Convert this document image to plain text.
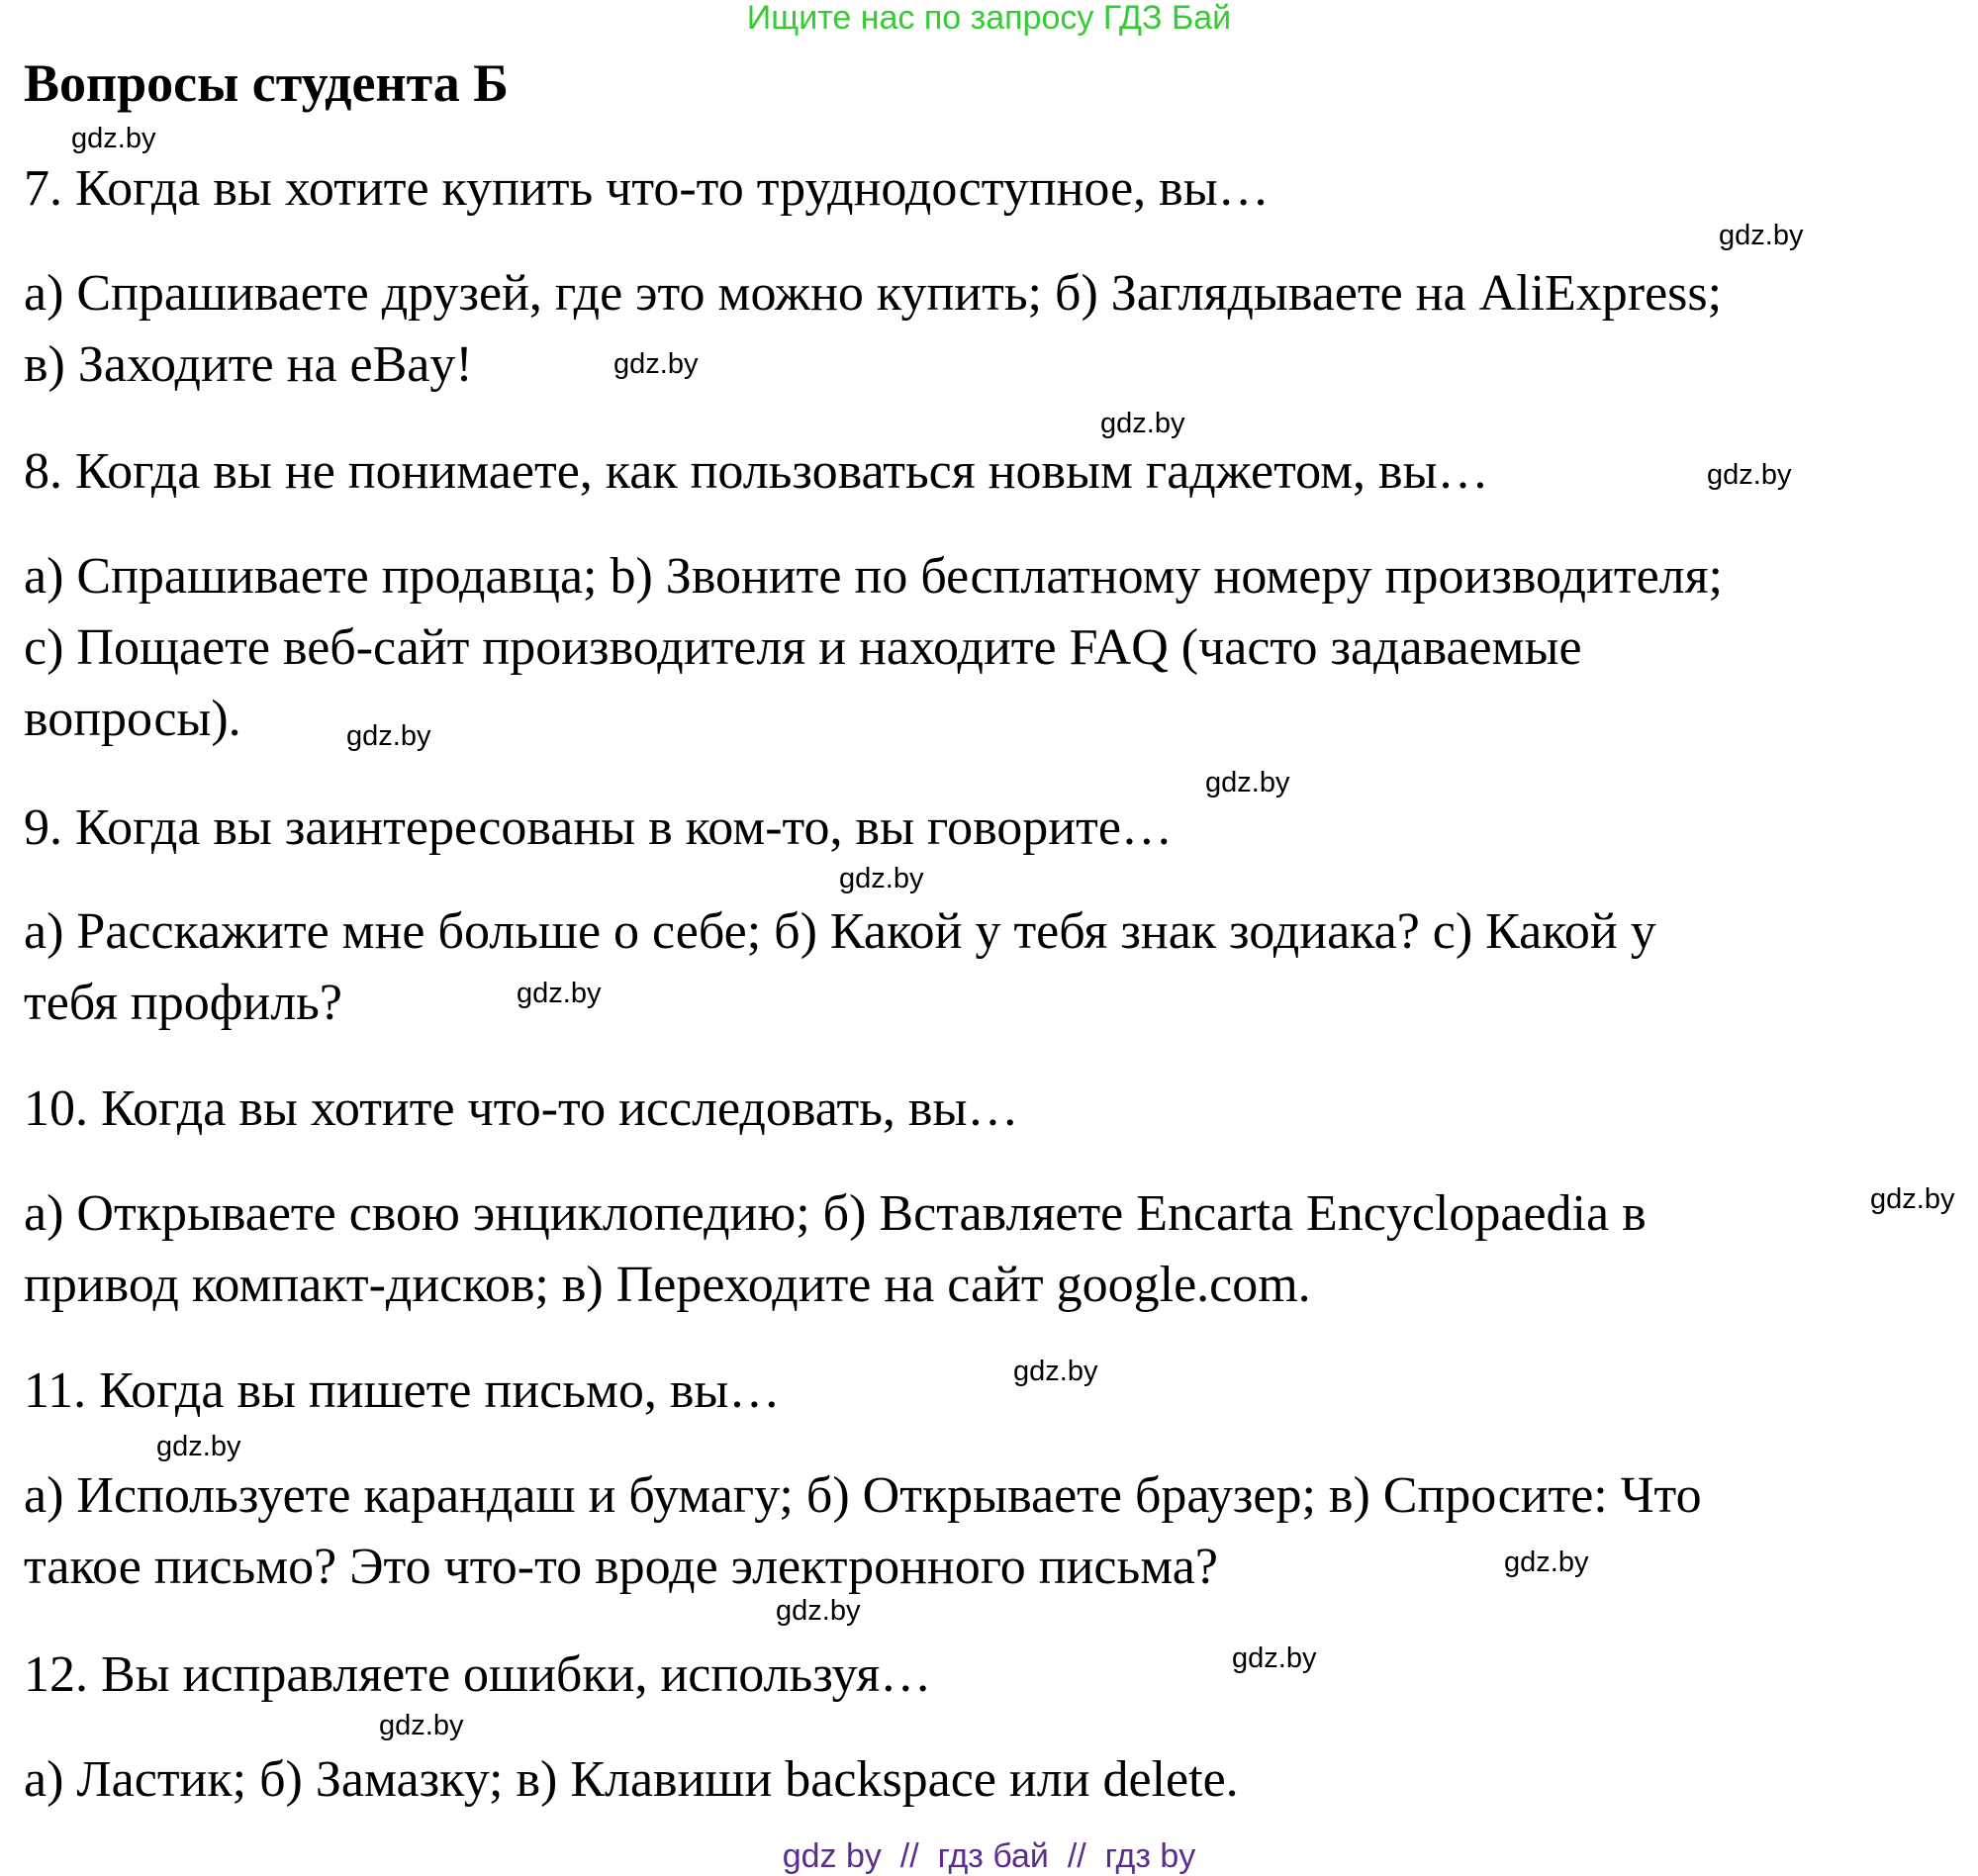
Ищите нас по запросу ГДЗ Бай
Вопросы студента Б
7. Когда вы хотите купить что-то труднодоступное, вы…
а) Спрашиваете друзей, где это можно купить; б) Заглядываете на AliExpress;
в) Заходите на eBay!
8. Когда вы не понимаете, как пользоваться новым гаджетом, вы…
а) Спрашиваете продавца; b) Звоните по бесплатному номеру производителя;
с) Пощаете веб-сайт производителя и находите FAQ (часто задаваемые
вопросы).
9. Когда вы заинтересованы в ком-то, вы говорите…
а) Расскажите мне больше о себе; б) Какой у тебя знак зодиака? с) Какой у
тебя профиль?
10. Когда вы хотите что-то исследовать, вы…
а) Открываете свою энциклопедию; б) Вставляете Encarta Encyclopaedia в
привод компакт-дисков; в) Переходите на сайт google.com.
11. Когда вы пишете письмо, вы…
а) Используете карандаш и бумагу; б) Открываете браузер; в) Спросите: Что
такое письмо? Это что-то вроде электронного письма?
12. Вы исправляете ошибки, используя…
а) Ластик; б) Замазку; в) Клавиши backspace или delete.
gdz.by
gdz.by
gdz.by
gdz.by
gdz.by
gdz.by
gdz.by
gdz.by
gdz.by
gdz.by
gdz.by
gdz.by
gdz.by
gdz.by
gdz.by
gdz.by
gdz by  //  гдз бай  //  гдз by
